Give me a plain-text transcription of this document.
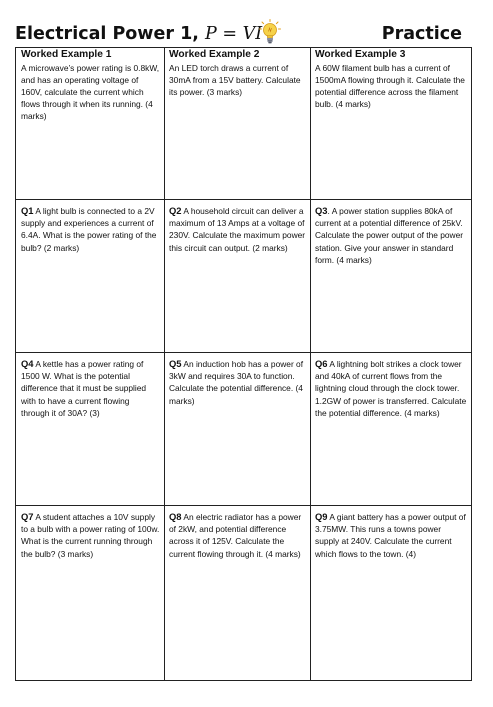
Electrical Power 1, P = VI	Practice
Worked Example 1
A microwave’s power rating is 0.8kW, and has an operating voltage of 160V, calculate the current which flows through it when its running. (4 marks)
Worked Example 2
An LED torch draws a current of 30mA from a 15V battery. Calculate its power. (3 marks)
Worked Example 3
A 60W filament bulb has a current of 1500mA flowing through it. Calculate the potential difference across the filament bulb. (4 marks)
Q1 A light bulb is connected to a 2V supply and experiences a current of 6.4A. What is the power rating of the bulb? (2 marks)
Q2 A household circuit can deliver a maximum of 13 Amps at a voltage of 230V. Calculate the maximum power this circuit can output. (2 marks)
Q3. A power station supplies 80kA of current at a potential difference of 25kV. Calculate the power output of the power station. Give your answer in standard form. (4 marks)
Q4 A kettle has a power rating of 1500 W. What is the potential difference that it must be supplied with to have a current flowing through it of 30A? (3)
Q5 An induction hob has a power of 3kW and requires 30A to function. Calculate the potential difference. (4 marks)
Q6 A lightning bolt strikes a clock tower and 40kA of current flows from the lightning cloud through the clock tower. 1.2GW of power is transferred. Calculate the potential difference. (4 marks)
Q7 A student attaches a 10V supply to a bulb with a power rating of 100w. What is the current running through the bulb? (3 marks)
Q8 An electric radiator has a power of 2kW, and potential difference across it of 125V. Calculate the current flowing through it. (4 marks)
Q9 A giant battery has a power output of 3.75MW. This runs a towns power supply at 240V. Calculate the current which flows to the town. (4)
